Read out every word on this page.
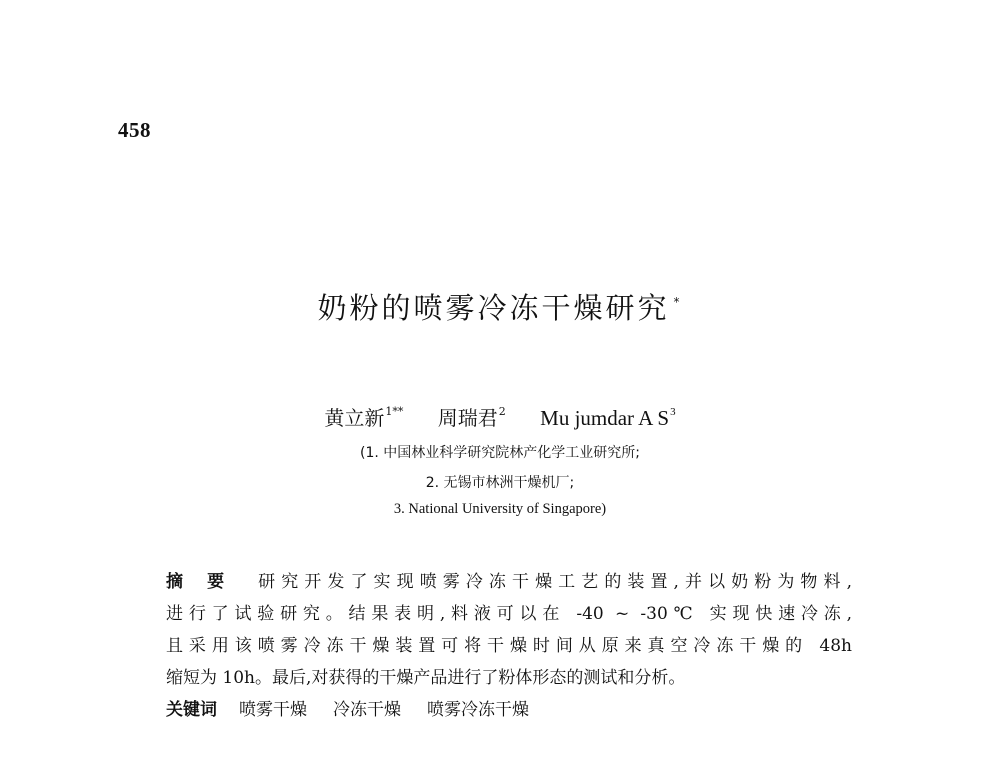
458
奶粉的喷雾冷冻干燥研究 *
黄立新$^{1**}$ 周瑞君$^2$ Mu jumdar A $S^3$
(1. 中国林业科学研究院林产化学工业研究所;
2. 无锡市林洲干燥机厂;
3. National University of Singapore)
摘要 研究开发了实现喷雾冷冻干燥工艺的装置,并以奶粉为物料,
进行了试验研究。结果表明,料液可以在 -40 ~ -30℃ 实现快速冷冻,
且采用该喷雾冷冻干燥装置可将干燥时间从原来真空冷冻干燥的 48h
缩短为 10h。最后,对获得的干燥产品进行了粉体形态的测试和分析。
关键词 喷雾干燥 冷冻干燥 喷雾冷冻干燥
